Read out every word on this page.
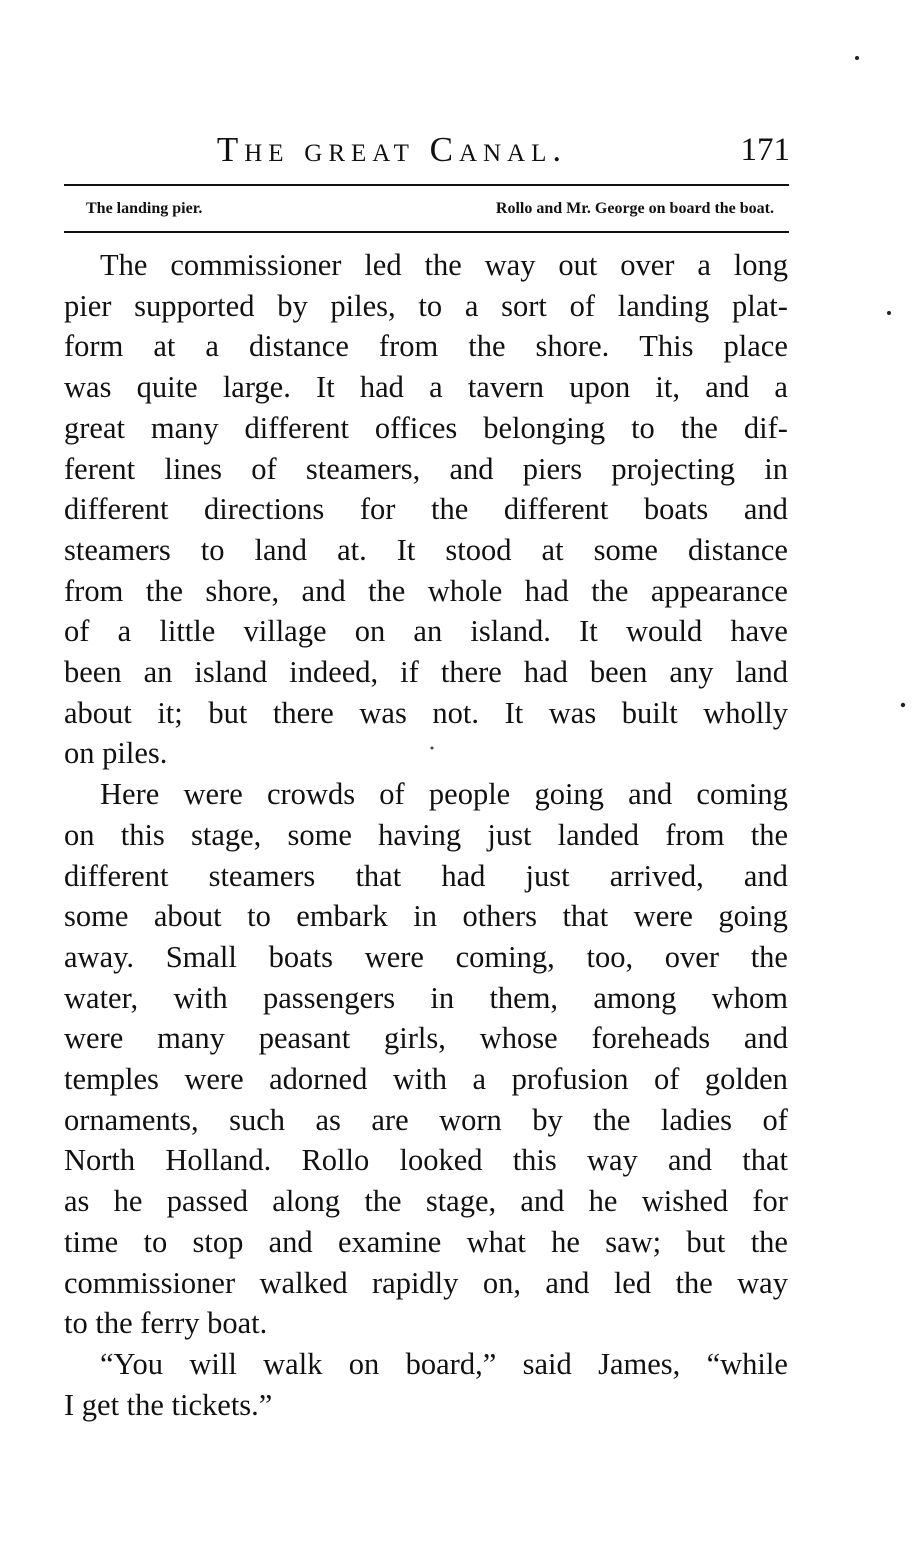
The great Canal.	171
The landing pier.	Rollo and Mr. George on board the boat.
The commissioner led the way out over a long
pier supported by piles, to a sort of landing plat-
form at a distance from the shore. This place
was quite large. It had a tavern upon it, and a
great many different offices belonging to the dif-
ferent lines of steamers, and piers projecting in
different directions for the different boats and
steamers to land at. It stood at some distance
from the shore, and the whole had the appearance
of a little village on an island. It would have
been an island indeed, if there had been any land
about it; but there was not. It was built wholly
on piles.
Here were crowds of people going and coming
on this stage, some having just landed from the
different steamers that had just arrived, and
some about to embark in others that were going
away. Small boats were coming, too, over the
water, with passengers in them, among whom
were many peasant girls, whose foreheads and
temples were adorned with a profusion of golden
ornaments, such as are worn by the ladies of
North Holland. Rollo looked this way and that
as he passed along the stage, and he wished for
time to stop and examine what he saw; but the
commissioner walked rapidly on, and led the way
to the ferry boat.
“You will walk on board,” said James, “while
I get the tickets.”
